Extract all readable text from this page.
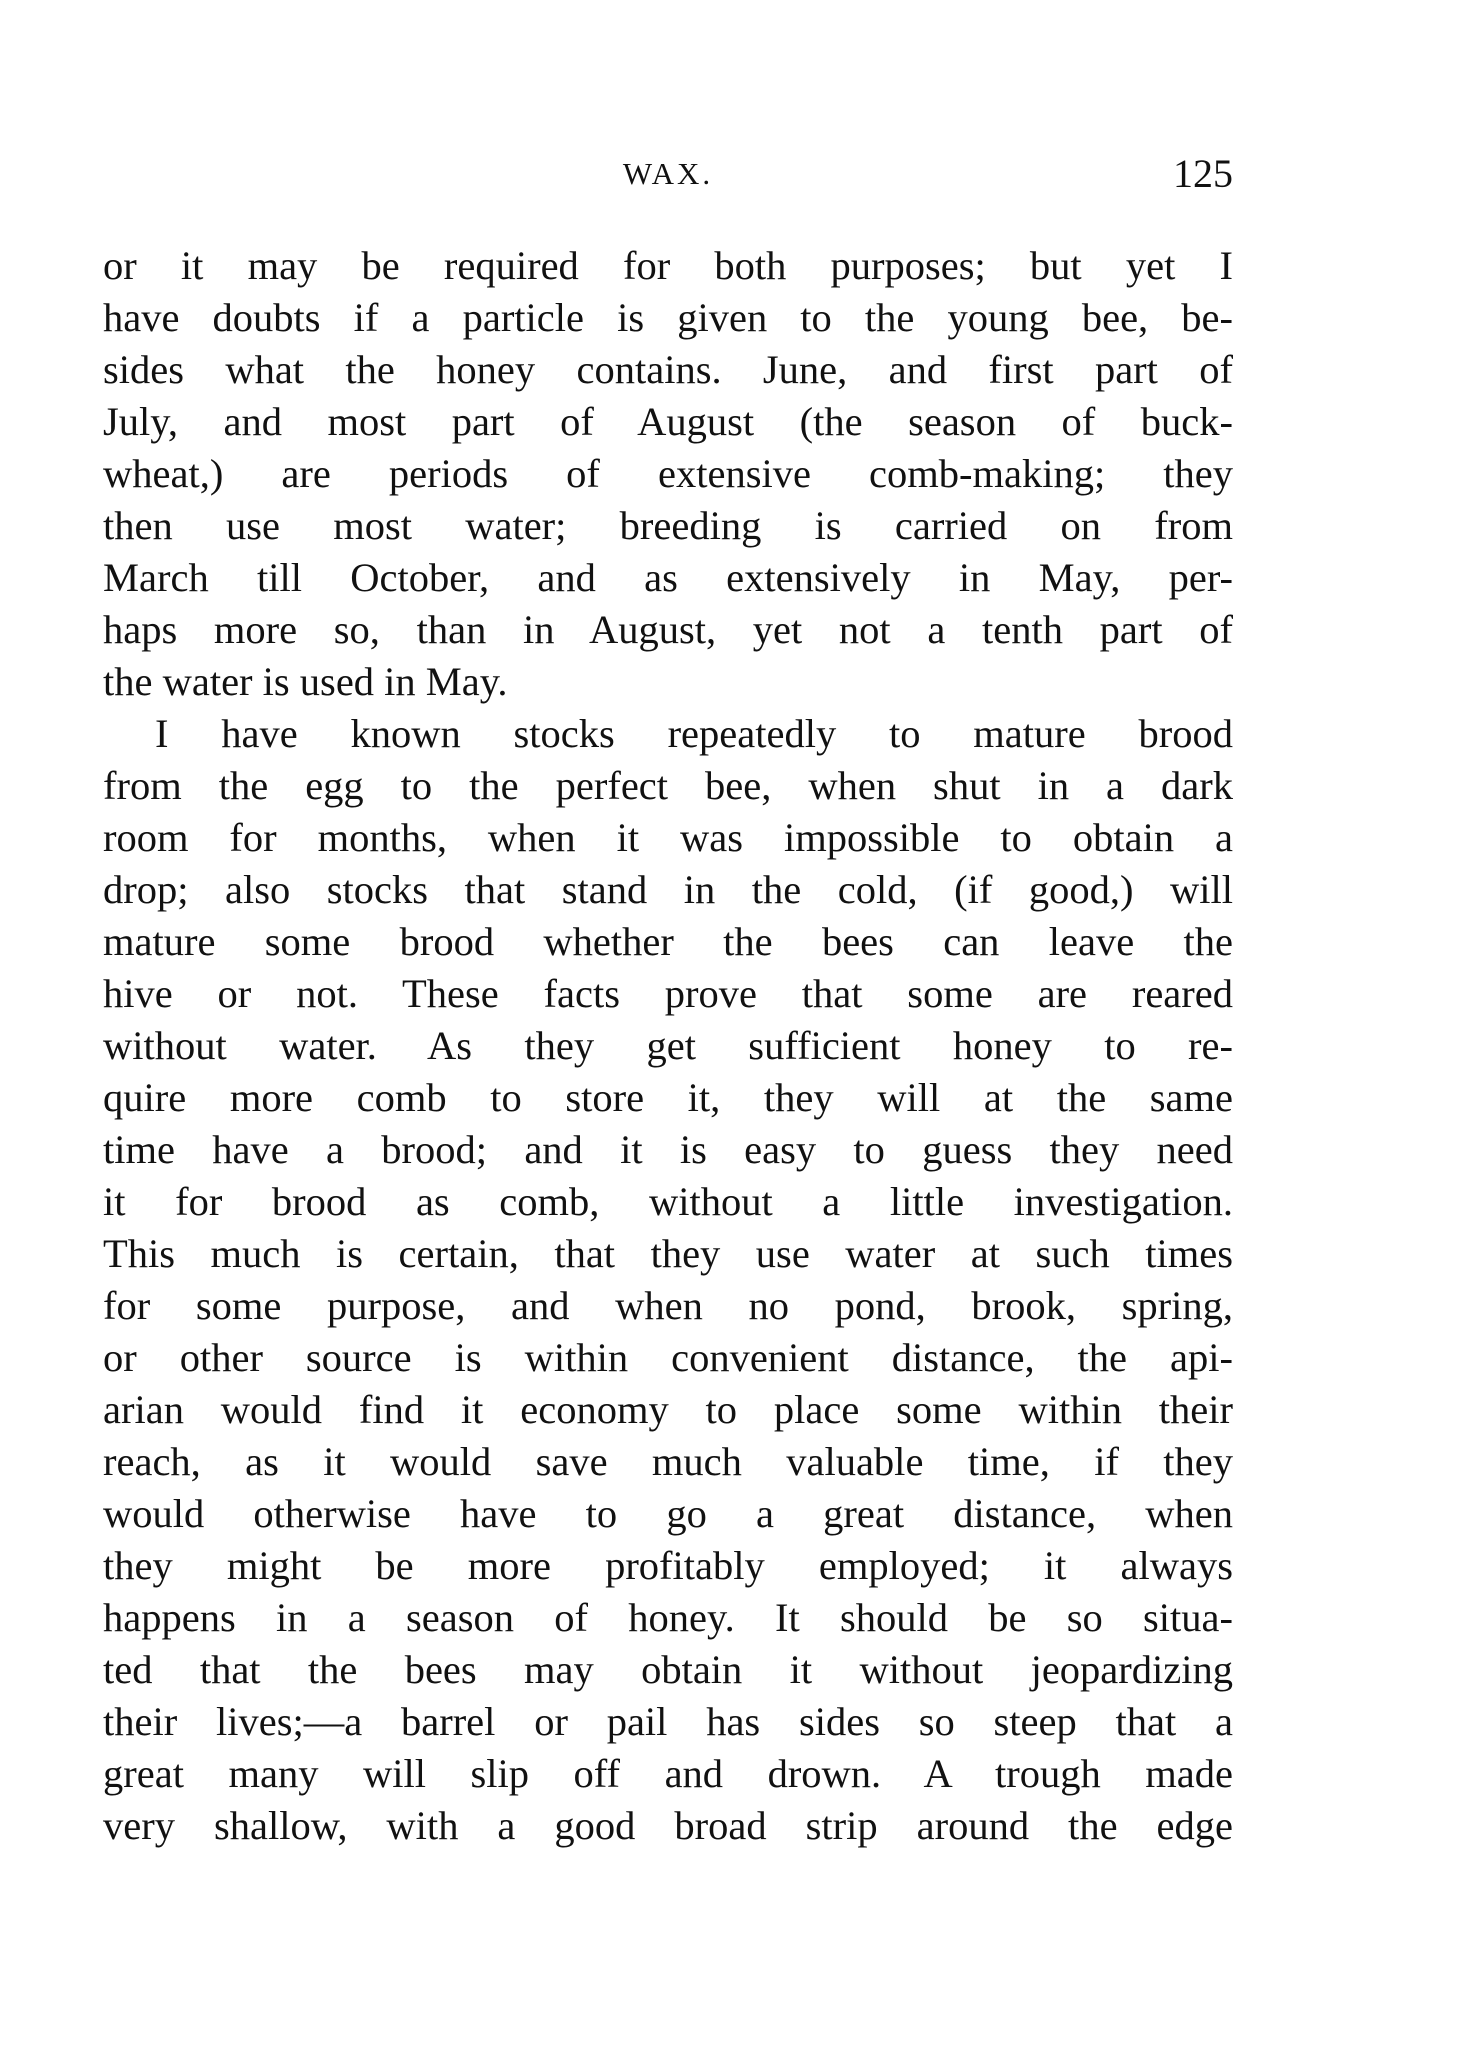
WAX.	125
or it may be required for both purposes; but yet I
have doubts if a particle is given to the young bee, be-
sides what the honey contains. June, and first part of
July, and most part of August (the season of buck-
wheat,) are periods of extensive comb-making; they
then use most water; breeding is carried on from
March till October, and as extensively in May, per-
haps more so, than in August, yet not a tenth part of
the water is used in May.
I have known stocks repeatedly to mature brood
from the egg to the perfect bee, when shut in a dark
room for months, when it was impossible to obtain a
drop; also stocks that stand in the cold, (if good,) will
mature some brood whether the bees can leave the
hive or not. These facts prove that some are reared
without water. As they get sufficient honey to re-
quire more comb to store it, they will at the same
time have a brood; and it is easy to guess they need
it for brood as comb, without a little investigation.
This much is certain, that they use water at such times
for some purpose, and when no pond, brook, spring,
or other source is within convenient distance, the api-
arian would find it economy to place some within their
reach, as it would save much valuable time, if they
would otherwise have to go a great distance, when
they might be more profitably employed; it always
happens in a season of honey. It should be so situa-
ted that the bees may obtain it without jeopardizing
their lives;—a barrel or pail has sides so steep that a
great many will slip off and drown. A trough made
very shallow, with a good broad strip around the edge
